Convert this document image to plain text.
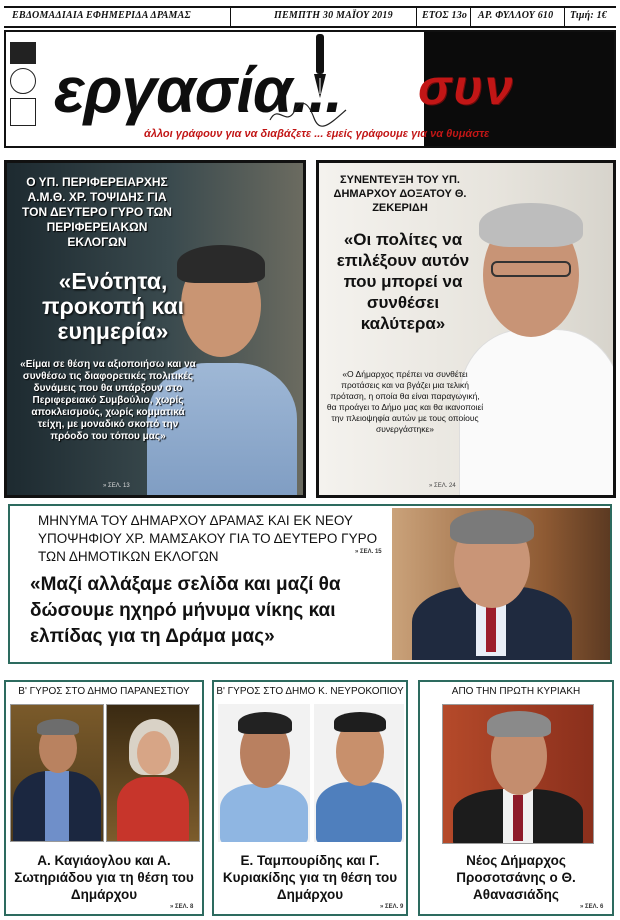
ΕΒΔΟΜΑΔΙΑΙΑ ΕΦΗΜΕΡΙΔΑ ΔΡΑΜΑΣ	ΠΕΜΠΤΗ 30 ΜΑΪΟΥ 2019	ΕΤΟΣ 13ο ΑΡ. ΦΥΛΛΟΥ 610 Τιμή: 1€
εργασία... συν
άλλοι γράφουν για να διαβάζετε ... εμείς γράφουμε για να θυμάστε
Ο ΥΠ. ΠΕΡΙΦΕΡΕΙΑΡΧΗΣ Α.Μ.Θ. ΧΡ. ΤΟΨΙΔΗΣ ΓΙΑ ΤΟΝ ΔΕΥΤΕΡΟ ΓΥΡΟ ΤΩΝ ΠΕΡΙΦΕΡΕΙΑΚΩΝ ΕΚΛΟΓΩΝ
«Ενότητα, προκοπή και ευημερία»
«Είμαι σε θέση να αξιοποιήσω και να συνθέσω τις διαφορετικές πολιτικές δυνάμεις που θα υπάρξουν στο Περιφερειακό Συμβούλιο, χωρίς αποκλεισμούς, χωρίς κομματικά τείχη, με μοναδικό σκοπό την πρόοδο του τόπου μας»
» ΣΕΛ. 13
ΣΥΝΕΝΤΕΥΞΗ ΤΟΥ ΥΠ. ΔΗΜΑΡΧΟΥ ΔΟΞΑΤΟΥ Θ. ΖΕΚΕΡΙΔΗ
«Οι πολίτες να επιλέξουν αυτόν που μπορεί να συνθέσει καλύτερα»
«Ο Δήμαρχος πρέπει να συνθέτει προτάσεις και να βγάζει μια τελική πρόταση, η οποία θα είναι παραγωγική, θα προάγει το Δήμο μας και θα ικανοποιεί την πλειοψηφία αυτών με τους οποίους συνεργάστηκε»
» ΣΕΛ. 24
ΜΗΝΥΜΑ ΤΟΥ ΔΗΜΑΡΧΟΥ ΔΡΑΜΑΣ ΚΑΙ ΕΚ ΝΕΟΥ ΥΠΟΨΗΦΙΟΥ ΧΡ. ΜΑΜΣΑΚΟΥ ΓΙΑ ΤΟ ΔΕΥΤΕΡΟ ΓΥΡΟ ΤΩΝ ΔΗΜΟΤΙΚΩΝ ΕΚΛΟΓΩΝ	» ΣΕΛ. 15
«Μαζί αλλάξαμε σελίδα και μαζί θα δώσουμε ηχηρό μήνυμα νίκης και ελπίδας για τη Δράμα μας»
Β' ΓΥΡΟΣ ΣΤΟ ΔΗΜΟ ΠΑΡΑΝΕΣΤΙΟΥ
Α. Καγιάογλου και Α. Σωτηριάδου για τη θέση του Δημάρχου
» ΣΕΛ. 8
Β' ΓΥΡΟΣ ΣΤΟ ΔΗΜΟ Κ. ΝΕΥΡΟΚΟΠΙΟΥ
Ε. Ταμπουρίδης και Γ. Κυριακίδης για τη θέση του Δημάρχου
» ΣΕΛ. 9
ΑΠΟ ΤΗΝ ΠΡΩΤΗ ΚΥΡΙΑΚΗ
Νέος Δήμαρχος Προσοτσάνης ο Θ. Αθανασιάδης
» ΣΕΛ. 6
